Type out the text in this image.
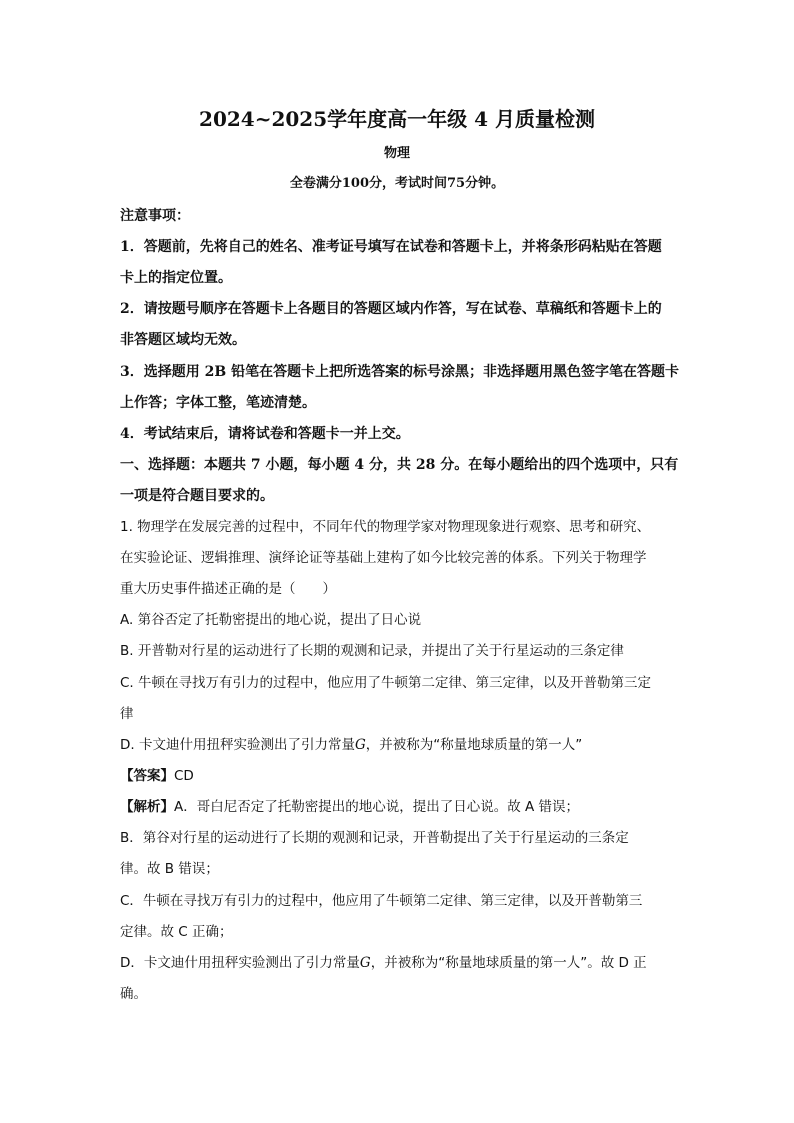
2024~2025学年度高一年级 4 月质量检测
物理
全卷满分100分，考试时间75分钟。
注意事项：
1．答题前，先将自己的姓名、准考证号填写在试卷和答题卡上，并将条形码粘贴在答题
卡上的指定位置。
2．请按题号顺序在答题卡上各题目的答题区域内作答，写在试卷、草稿纸和答题卡上的
非答题区域均无效。
3．选择题用 2B 铅笔在答题卡上把所选答案的标号涂黑；非选择题用黑色签字笔在答题卡
上作答；字体工整，笔迹清楚。
4．考试结束后，请将试卷和答题卡一并上交。
一、选择题：本题共 7 小题，每小题 4 分，共 28 分。在每小题给出的四个选项中，只有
一项是符合题目要求的。
1. 物理学在发展完善的过程中，不同年代的物理学家对物理现象进行观察、思考和研究、
在实验论证、逻辑推理、演绎论证等基础上建构了如今比较完善的体系。下列关于物理学
重大历史事件描述正确的是（　　）
A. 第谷否定了托勒密提出的地心说，提出了日心说
B. 开普勒对行星的运动进行了长期的观测和记录，并提出了关于行星运动的三条定律
C. 牛顿在寻找万有引力的过程中，他应用了牛顿第二定律、第三定律，以及开普勒第三定
律
D. 卡文迪什用扭秤实验测出了引力常量G，并被称为“称量地球质量的第一人”
【答案】CD
【解析】A．哥白尼否定了托勒密提出的地心说，提出了日心说。故 A 错误；
B．第谷对行星的运动进行了长期的观测和记录，开普勒提出了关于行星运动的三条定
律。故 B 错误；
C．牛顿在寻找万有引力的过程中，他应用了牛顿第二定律、第三定律，以及开普勒第三
定律。故 C 正确；
D．卡文迪什用扭秤实验测出了引力常量G，并被称为“称量地球质量的第一人”。故 D 正
确。
